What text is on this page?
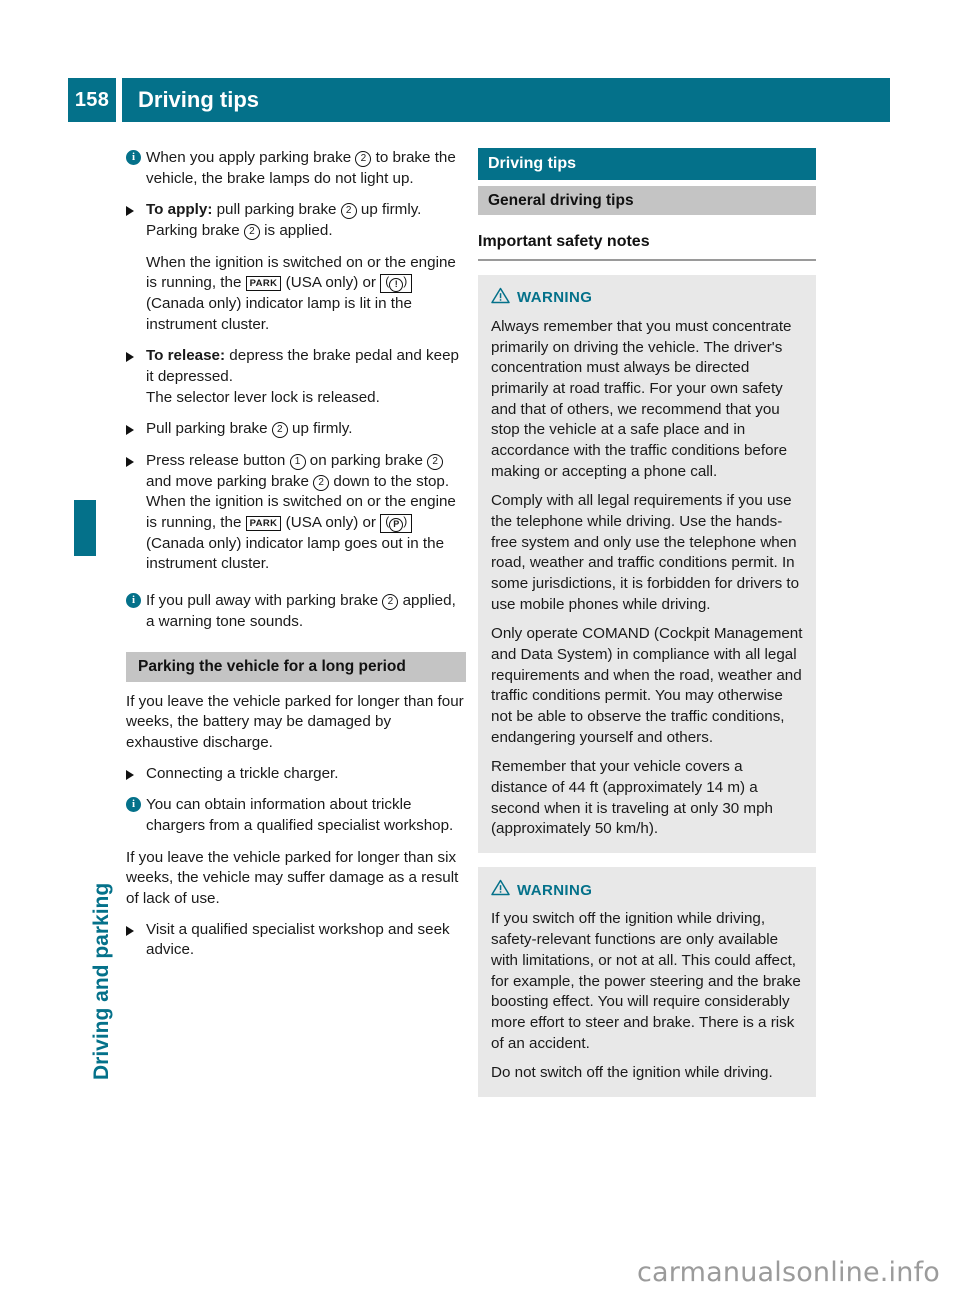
158	Driving tips
Driving and parking
i When you apply parking brake 2 to brake the vehicle, the brake lamps do not light up.
To apply: pull parking brake 2 up firmly.
Parking brake 2 is applied.
When the ignition is switched on or the engine is running, the PARK (USA only) or ( ! ) (Canada only) indicator lamp is lit in the instrument cluster.
To release: depress the brake pedal and keep it depressed.
The selector lever lock is released.
Pull parking brake 2 up firmly.
Press release button 1 on parking brake 2 and move parking brake 2 down to the stop.
When the ignition is switched on or the engine is running, the PARK (USA only) or ( P ) (Canada only) indicator lamp goes out in the instrument cluster.
i If you pull away with parking brake 2 applied, a warning tone sounds.
Parking the vehicle for a long period
If you leave the vehicle parked for longer than four weeks, the battery may be damaged by exhaustive discharge.
Connecting a trickle charger.
i You can obtain information about trickle chargers from a qualified specialist workshop.
If you leave the vehicle parked for longer than six weeks, the vehicle may suffer damage as a result of lack of use.
Visit a qualified specialist workshop and seek advice.
Driving tips
General driving tips
Important safety notes
WARNING

Always remember that you must concentrate primarily on driving the vehicle. The driver's concentration must always be directed primarily at road traffic. For your own safety and that of others, we recommend that you stop the vehicle at a safe place and in accordance with the traffic conditions before making or accepting a phone call.

Comply with all legal requirements if you use the telephone while driving. Use the hands-free system and only use the telephone when road, weather and traffic conditions permit. In some jurisdictions, it is forbidden for drivers to use mobile phones while driving.

Only operate COMAND (Cockpit Management and Data System) in compliance with all legal requirements and when the road, weather and traffic conditions permit. You may otherwise not be able to observe the traffic conditions, endangering yourself and others.

Remember that your vehicle covers a distance of 44 ft (approximately 14 m) a second when it is traveling at only 30 mph (approximately 50 km/h).

WARNING

If you switch off the ignition while driving, safety-relevant functions are only available with limitations, or not at all. This could affect, for example, the power steering and the brake boosting effect. You will require considerably more effort to steer and brake. There is a risk of an accident.

Do not switch off the ignition while driving.

carmanualsonline.info
